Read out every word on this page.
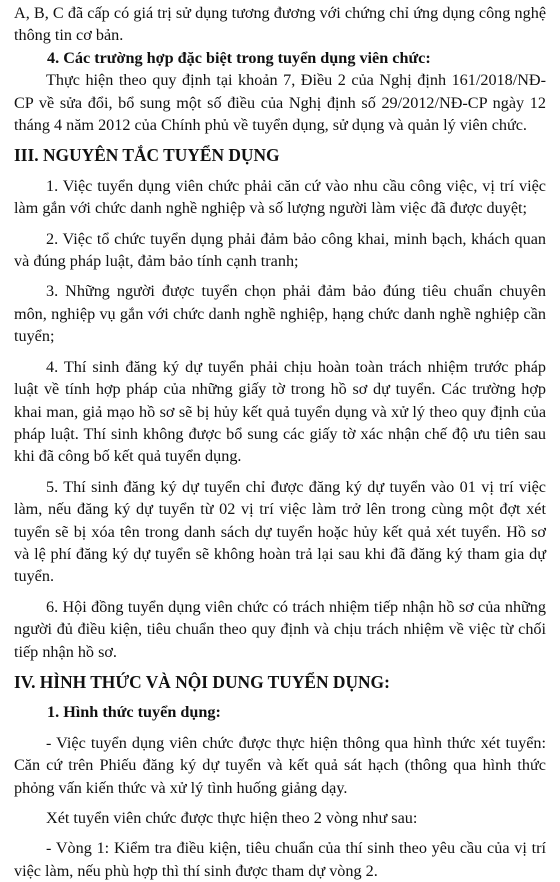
A, B, C đã cấp có giá trị sử dụng tương đương với chứng chỉ ứng dụng công nghệ thông tin cơ bản.

4. Các trường hợp đặc biệt trong tuyển dụng viên chức:

Thực hiện theo quy định tại khoản 7, Điều 2 của Nghị định 161/2018/NĐ-CP về sửa đổi, bổ sung một số điều của Nghị định số 29/2012/NĐ-CP ngày 12 tháng 4 năm 2012 của Chính phủ về tuyển dụng, sử dụng và quản lý viên chức.

III. NGUYÊN TẮC TUYỂN DỤNG

1. Việc tuyển dụng viên chức phải căn cứ vào nhu cầu công việc, vị trí việc làm gắn với chức danh nghề nghiệp và số lượng người làm việc đã được duyệt;

2. Việc tổ chức tuyển dụng phải đảm bảo công khai, minh bạch, khách quan và đúng pháp luật, đảm bảo tính cạnh tranh;

3. Những người được tuyển chọn phải đảm bảo đúng tiêu chuẩn chuyên môn, nghiệp vụ gắn với chức danh nghề nghiệp, hạng chức danh nghề nghiệp cần tuyển;

4. Thí sinh đăng ký dự tuyển phải chịu hoàn toàn trách nhiệm trước pháp luật về tính hợp pháp của những giấy tờ trong hồ sơ dự tuyển. Các trường hợp khai man, giả mạo hồ sơ sẽ bị hủy kết quả tuyển dụng và xử lý theo quy định của pháp luật. Thí sinh không được bổ sung các giấy tờ xác nhận chế độ ưu tiên sau khi đã công bố kết quả tuyển dụng.

5. Thí sinh đăng ký dự tuyển chỉ được đăng ký dự tuyển vào 01 vị trí việc làm, nếu đăng ký dự tuyển từ 02 vị trí việc làm trở lên trong cùng một đợt xét tuyển sẽ bị xóa tên trong danh sách dự tuyển hoặc hủy kết quả xét tuyển. Hồ sơ và lệ phí đăng ký dự tuyển sẽ không hoàn trả lại sau khi đã đăng ký tham gia dự tuyển.

6. Hội đồng tuyển dụng viên chức có trách nhiệm tiếp nhận hồ sơ của những người đủ điều kiện, tiêu chuẩn theo quy định và chịu trách nhiệm về việc từ chối tiếp nhận hồ sơ.

IV. HÌNH THỨC VÀ NỘI DUNG TUYỂN DỤNG:

1. Hình thức tuyển dụng:

- Việc tuyển dụng viên chức được thực hiện thông qua hình thức xét tuyển: Căn cứ trên Phiếu đăng ký dự tuyển và kết quả sát hạch (thông qua hình thức phỏng vấn kiến thức và xử lý tình huống giảng dạy.

Xét tuyển viên chức được thực hiện theo 2 vòng như sau:

- Vòng 1: Kiểm tra điều kiện, tiêu chuẩn của thí sinh theo yêu cầu của vị trí việc làm, nếu phù hợp thì thí sinh được tham dự vòng 2.
